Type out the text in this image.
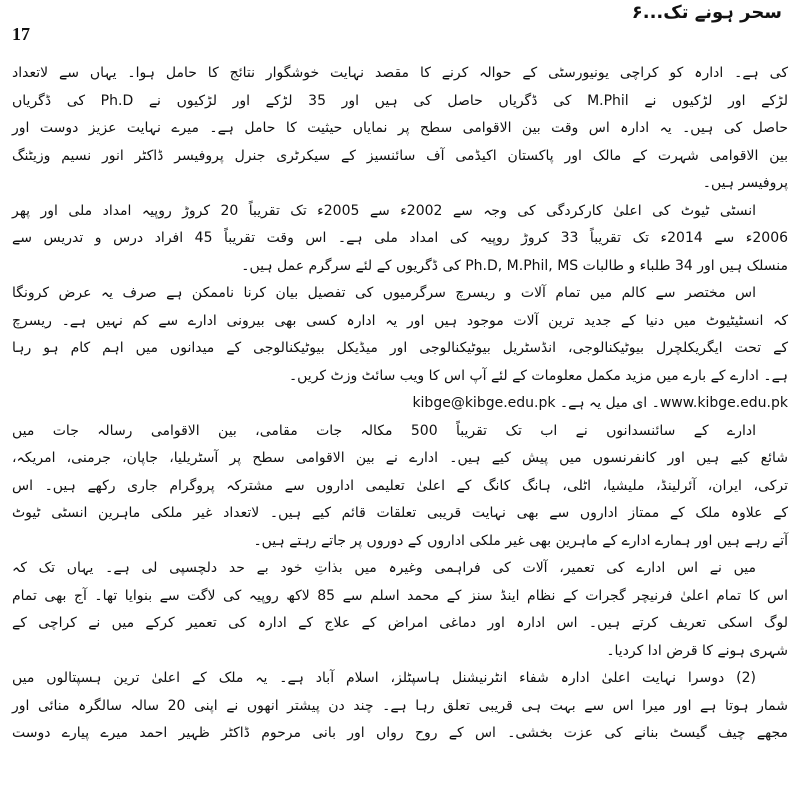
سحر ہونے تک...۶
17
کی ہے۔ ادارہ کو کراچی یونیورسٹی کے حوالہ کرنے کا مقصد نہایت خوشگوار نتائج کا حامل ہوا۔ یہاں سے لاتعداد
لڑکے اور لڑکیوں نے M.Phil کی ڈگریاں حاصل کی ہیں اور 35 لڑکے اور لڑکیوں نے Ph.D کی ڈگریاں
حاصل کی ہیں۔ یہ ادارہ اس وقت بین الاقوامی سطح پر نمایاں حیثیت کا حامل ہے۔ میرے نہایت عزیز دوست اور
بین الاقوامی شہرت کے مالک اور پاکستان اکیڈمی آف سائنسیز کے سیکرٹری جنرل پروفیسر ڈاکٹر انور نسیم وزیٹنگ
پروفیسر ہیں۔
انسٹی ٹیوٹ کی اعلیٰ کارکردگی کی وجہ سے 2002ء سے 2005ء تک تقریباً 20 کروڑ روپیہ امداد ملی اور پھر
2006ء سے 2014ء تک تقریباً 33 کروڑ روپیہ کی امداد ملی ہے۔ اس وقت تقریباً 45 افراد درس و تدریس سے
منسلک ہیں اور 34 طلباء و طالبات Ph.D, M.Phil, MS کی ڈگریوں کے لئے سرگرم عمل ہیں۔
اس مختصر سے کالم میں تمام آلات و ریسرچ سرگرمیوں کی تفصیل بیان کرنا ناممکن ہے صرف یہ عرض کرونگا
کہ انسٹیٹیوٹ میں دنیا کے جدید ترین آلات موجود ہیں اور یہ ادارہ کسی بھی بیرونی ادارے سے کم نہیں ہے۔ ریسرچ
کے تحت ایگریکلچرل بیوٹیکنالوجی، انڈسٹریل بیوٹیکنالوجی اور میڈیکل بیوٹیکنالوجی کے میدانوں میں اہم کام ہو رہا
ہے۔ ادارے کے بارے میں مزید مکمل معلومات کے لئے آپ اس کا ویب سائٹ وزٹ کریں۔
www.kibge.edu.pk۔ ای میل یہ ہے۔ kibge@kibge.edu.pk
ادارے کے سائنسدانوں نے اب تک تقریباً 500 مکالہ جات مقامی، بین الاقوامی رسالہ جات میں
شائع کیے ہیں اور کانفرنسوں میں پیش کیے ہیں۔ ادارے نے بین الاقوامی سطح پر آسٹریلیا، جاپان، جرمنی، امریکہ،
ترکی، ایران، آئرلینڈ، ملیشیا، اٹلی، ہانگ کانگ کے اعلیٰ تعلیمی اداروں سے مشترکہ پروگرام جاری رکھے ہیں۔ اس
کے علاوہ ملک کے ممتاز اداروں سے بھی نہایت قریبی تعلقات قائم کیے ہیں۔ لاتعداد غیر ملکی ماہرین انسٹی ٹیوٹ
آتے رہے ہیں اور ہمارے ادارے کے ماہرین بھی غیر ملکی اداروں کے دوروں پر جاتے رہتے ہیں۔
میں نے اس ادارے کی تعمیر، آلات کی فراہمی وغیرہ میں بذاتِ خود بے حد دلچسپی لی ہے۔ یہاں تک کہ
اس کا تمام اعلیٰ فرنیچر گجرات کے نظام اینڈ سنز کے محمد اسلم سے 85 لاکھ روپیہ کی لاگت سے بنوایا تھا۔ آج بھی تمام
لوگ اسکی تعریف کرتے ہیں۔ اس ادارہ اور دماغی امراض کے علاج کے ادارہ کی تعمیر کرکے میں نے کراچی کے
شہری ہونے کا قرض ادا کردیا۔
(2) دوسرا نہایت اعلیٰ ادارہ شفاء انٹرنیشنل ہاسپٹلز، اسلام آباد ہے۔ یہ ملک کے اعلیٰ ترین ہسپتالوں میں
شمار ہوتا ہے اور میرا اس سے بہت ہی قریبی تعلق رہا ہے۔ چند دن پیشتر انھوں نے اپنی 20 سالہ سالگرہ منائی اور
مجھے چیف گیسٹ بنانے کی عزت بخشی۔ اس کے روح رواں اور بانی مرحوم ڈاکٹر ظہیر احمد میرے پیارے دوست
